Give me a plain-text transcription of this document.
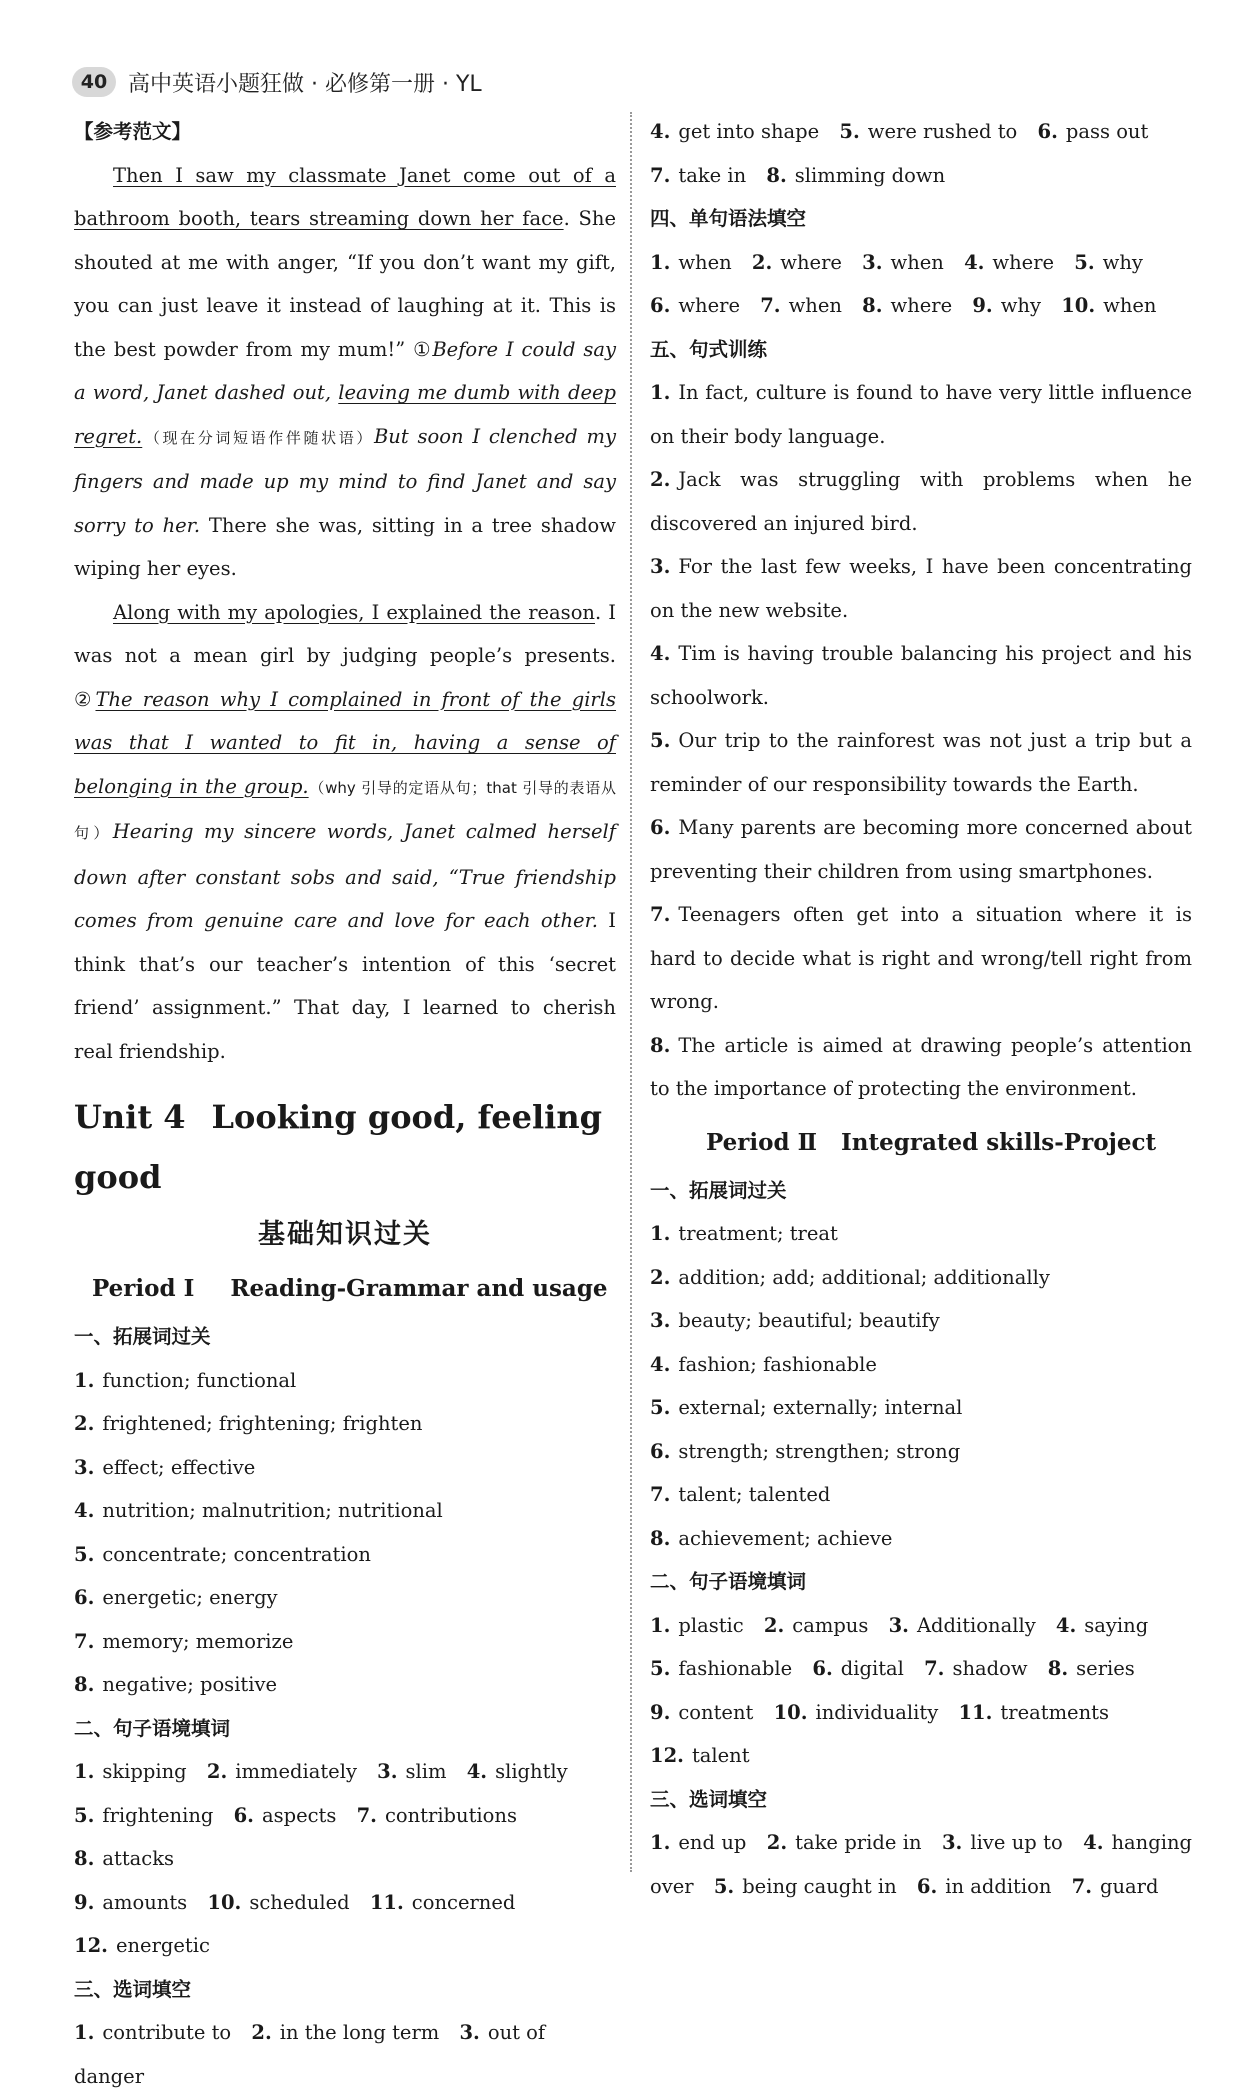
40 高中英语小题狂做 · 必修第一册 · YL

【参考范文】

Then I saw my classmate Janet come out of a bathroom booth, tears streaming down her face. She shouted at me with anger, “If you don’t want my gift, you can just leave it instead of laughing at it. This is the best powder from my mum!” ①Before I could say a word, Janet dashed out, leaving me dumb with deep regret.（现在分词短语作伴随状语）But soon I clenched my fingers and made up my mind to find Janet and say sorry to her. There she was, sitting in a tree shadow wiping her eyes.

Along with my apologies, I explained the reason. I was not a mean girl by judging people’s presents. ②The reason why I complained in front of the girls was that I wanted to fit in, having a sense of belonging in the group.（why 引导的定语从句；that 引导的表语从句）Hearing my sincere words, Janet calmed herself down after constant sobs and said, “True friendship comes from genuine care and love for each other. I think that’s our teacher’s intention of this ‘secret friend’ assignment.” That day, I learned to cherish real friendship.

Unit 4 Looking good, feeling good

基础知识过关

Period Ⅰ Reading-Grammar and usage

一、拓展词过关

1. function; functional

2. frightened; frightening; frighten

3. effect; effective

4. nutrition; malnutrition; nutritional

5. concentrate; concentration

6. energetic; energy

7. memory; memorize

8. negative; positive

二、句子语境填词

1. skipping 2. immediately 3. slim 4. slightly

5. frightening 6. aspects 7. contributions 8. attacks

9. amounts 10. scheduled 11. concerned

12. energetic

三、选词填空

1. contribute to 2. in the long term 3. out of danger

4. get into shape 5. were rushed to 6. pass out

7. take in 8. slimming down

四、单句语法填空

1. when 2. where 3. when 4. where 5. why

6. where 7. when 8. where 9. why 10. when

五、句式训练

1. In fact, culture is found to have very little influence on their body language.

2. Jack was struggling with problems when he discovered an injured bird.

3. For the last few weeks, I have been concentrating on the new website.

4. Tim is having trouble balancing his project and his schoolwork.

5. Our trip to the rainforest was not just a trip but a reminder of our responsibility towards the Earth.

6. Many parents are becoming more concerned about preventing their children from using smartphones.

7. Teenagers often get into a situation where it is hard to decide what is right and wrong/tell right from wrong.

8. The article is aimed at drawing people’s attention to the importance of protecting the environment.

Period Ⅱ Integrated skills-Project

一、拓展词过关

1. treatment; treat

2. addition; add; additional; additionally

3. beauty; beautiful; beautify

4. fashion; fashionable

5. external; externally; internal

6. strength; strengthen; strong

7. talent; talented

8. achievement; achieve

二、句子语境填词

1. plastic 2. campus 3. Additionally 4. saying

5. fashionable 6. digital 7. shadow 8. series

9. content 10. individuality 11. treatments

12. talent

三、选词填空

1. end up 2. take pride in 3. live up to 4. hanging over 5. being caught in 6. in addition 7. guard
